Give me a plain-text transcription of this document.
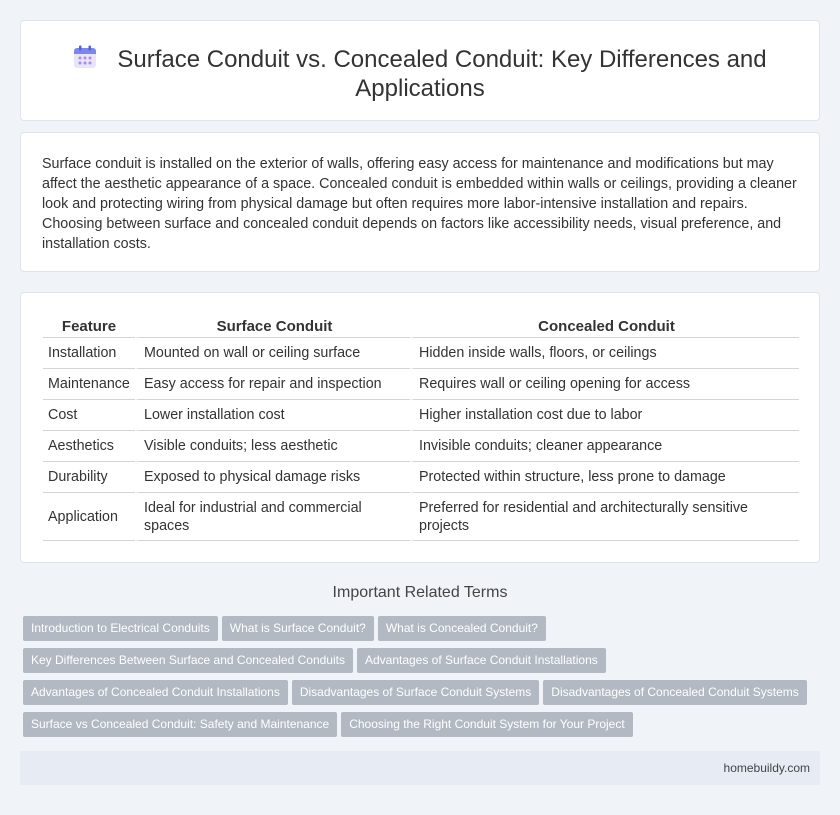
Surface Conduit vs. Concealed Conduit: Key Differences and
Applications

Surface conduit is installed on the exterior of walls, offering easy access for maintenance and modifications but may affect the aesthetic appearance of a space. Concealed conduit is embedded within walls or ceilings, providing a cleaner look and protecting wiring from physical damage but often requires more labor-intensive installation and repairs. Choosing between surface and concealed conduit depends on factors like accessibility needs, visual preference, and installation costs.

Feature	Surface Conduit	Concealed Conduit
Installation	Mounted on wall or ceiling surface	Hidden inside walls, floors, or ceilings
Maintenance	Easy access for repair and inspection	Requires wall or ceiling opening for access
Cost	Lower installation cost	Higher installation cost due to labor
Aesthetics	Visible conduits; less aesthetic	Invisible conduits; cleaner appearance
Durability	Exposed to physical damage risks	Protected within structure, less prone to damage
Application	Ideal for industrial and commercial spaces	Preferred for residential and architecturally sensitive projects
Important Related Terms
Introduction to Electrical Conduits What is Surface Conduit? What is Concealed Conduit?
Key Differences Between Surface and Concealed Conduits Advantages of Surface Conduit Installations
Advantages of Concealed Conduit Installations Disadvantages of Surface Conduit Systems Disadvantages of Concealed Conduit Systems
Surface vs Concealed Conduit: Safety and Maintenance Choosing the Right Conduit System for Your Project
homebuildy.com
